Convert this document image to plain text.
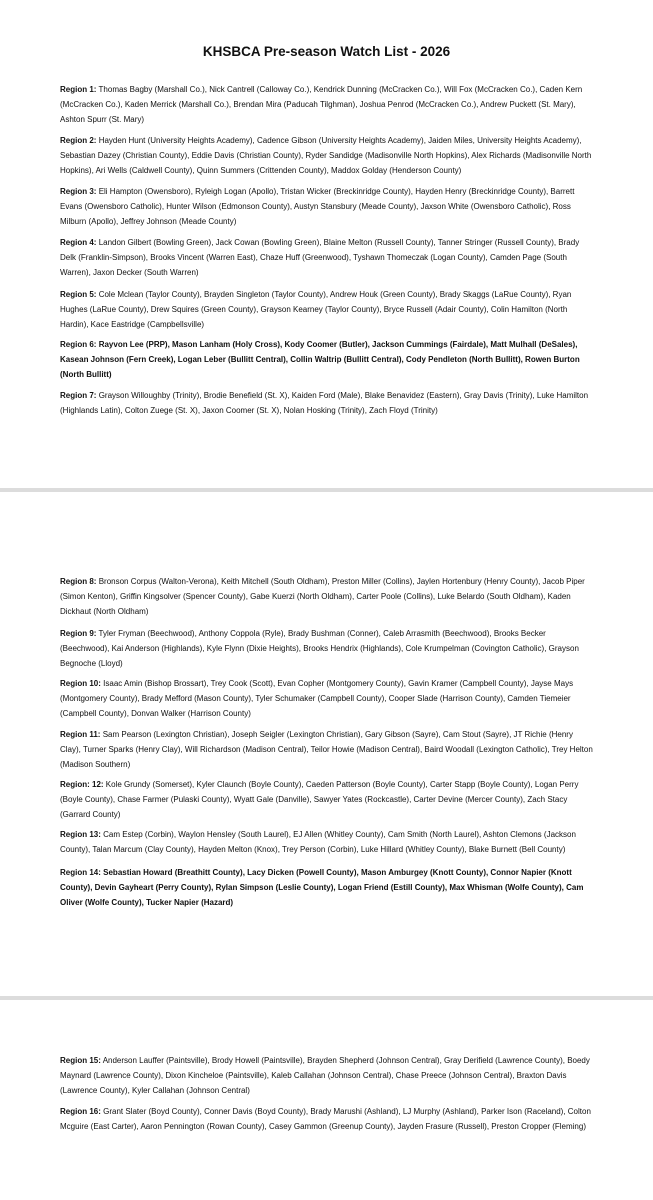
KHSBCA Pre-season Watch List - 2026

Region 1: Thomas Bagby (Marshall Co.), Nick Cantrell (Calloway Co.), Kendrick Dunning (McCracken Co.), Will Fox (McCracken Co.), Caden Kern (McCracken Co.), Kaden Merrick (Marshall Co.), Brendan Mira (Paducah Tilghman), Joshua Penrod (McCracken Co.), Andrew Puckett (St. Mary), Ashton Spurr (St. Mary)

Region 2: Hayden Hunt (University Heights Academy), Cadence Gibson (University Heights Academy), Jaiden Miles, University Heights Academy), Sebastian Dazey (Christian County), Eddie Davis (Christian County), Ryder Sandidge (Madisonville North Hopkins), Alex Richards (Madisonville North Hopkins), Ari Wells (Caldwell County), Quinn Summers (Crittenden County), Maddox Golday (Henderson County)

Region 3: Eli Hampton (Owensboro), Ryleigh Logan (Apollo), Tristan Wicker (Breckinridge County), Hayden Henry (Breckinridge County), Barrett Evans (Owensboro Catholic), Hunter Wilson (Edmonson County), Austyn Stansbury (Meade County), Jaxson White (Owensboro Catholic), Ross Milburn (Apollo), Jeffrey Johnson (Meade County)

Region 4: Landon Gilbert (Bowling Green), Jack Cowan (Bowling Green), Blaine Melton (Russell County), Tanner Stringer (Russell County), Brady Delk (Franklin-Simpson), Brooks Vincent (Warren East), Chaze Huff (Greenwood), Tyshawn Thomeczak (Logan County), Camden Page (South Warren), Jaxon Decker (South Warren)

Region 5: Cole Mclean (Taylor County), Brayden Singleton (Taylor County), Andrew Houk (Green County), Brady Skaggs (LaRue County), Ryan Hughes (LaRue County), Drew Squires (Green County), Grayson Kearney (Taylor County), Bryce Russell (Adair County), Colin Hamilton (North Hardin), Kace Eastridge (Campbellsville)

Region 6: Rayvon Lee (PRP), Mason Lanham (Holy Cross), Kody Coomer (Butler), Jackson Cummings (Fairdale), Matt Mulhall (DeSales), Kasean Johnson (Fern Creek), Logan Leber (Bullitt Central), Collin Waltrip (Bullitt Central), Cody Pendleton (North Bullitt), Rowen Burton (North Bullitt)

Region 7: Grayson Willoughby (Trinity), Brodie Benefield (St. X), Kaiden Ford (Male), Blake Benavidez (Eastern), Gray Davis (Trinity), Luke Hamilton (Highlands Latin), Colton Zuege (St. X), Jaxon Coomer (St. X), Nolan Hosking (Trinity), Zach Floyd (Trinity)

Region 8: Bronson Corpus (Walton-Verona), Keith Mitchell (South Oldham), Preston Miller (Collins), Jaylen Hortenbury (Henry County), Jacob Piper (Simon Kenton), Griffin Kingsolver (Spencer County), Gabe Kuerzi (North Oldham), Carter Poole (Collins), Luke Belardo (South Oldham), Kaden Dickhaut (North Oldham)

Region 9: Tyler Fryman (Beechwood), Anthony Coppola (Ryle), Brady Bushman (Conner), Caleb Arrasmith (Beechwood), Brooks Becker (Beechwood), Kai Anderson (Highlands), Kyle Flynn (Dixie Heights), Brooks Hendrix (Highlands), Cole Krumpelman (Covington Catholic), Grayson Begnoche (Lloyd)

Region 10: Isaac Amin (Bishop Brossart), Trey Cook (Scott), Evan Copher (Montgomery County), Gavin Kramer (Campbell County), Jayse Mays (Montgomery County), Brady Mefford (Mason County), Tyler Schumaker (Campbell County), Cooper Slade (Harrison County), Camden Tiemeier (Campbell County), Donvan Walker (Harrison County)

Region 11: Sam Pearson (Lexington Christian), Joseph Seigler (Lexington Christian), Gary Gibson (Sayre), Cam Stout (Sayre), JT Richie (Henry Clay), Turner Sparks (Henry Clay), Will Richardson (Madison Central), Teilor Howie (Madison Central), Baird Woodall (Lexington Catholic), Trey Helton (Madison Southern)

Region: 12: Kole Grundy (Somerset), Kyler Claunch (Boyle County), Caeden Patterson (Boyle County), Carter Stapp (Boyle County), Logan Perry (Boyle County), Chase Farmer (Pulaski County), Wyatt Gale (Danville), Sawyer Yates (Rockcastle), Carter Devine (Mercer County), Zach Stacy (Garrard County)

Region 13: Cam Estep (Corbin), Waylon Hensley (South Laurel), EJ Allen (Whitley County), Cam Smith (North Laurel), Ashton Clemons (Jackson County), Talan Marcum (Clay County), Hayden Melton (Knox), Trey Person (Corbin), Luke Hillard (Whitley County), Blake Burnett (Bell County)

Region 14: Sebastian Howard (Breathitt County), Lacy Dicken (Powell County), Mason Amburgey (Knott County), Connor Napier (Knott County), Devin Gayheart (Perry County), Rylan Simpson (Leslie County), Logan Friend (Estill County), Max Whisman (Wolfe County), Cam Oliver (Wolfe County), Tucker Napier (Hazard)

Region 15: Anderson Lauffer (Paintsville), Brody Howell (Paintsville), Brayden Shepherd (Johnson Central), Gray Derifield (Lawrence County), Boedy Maynard (Lawrence County), Dixon Kincheloe (Paintsville), Kaleb Callahan (Johnson Central), Chase Preece (Johnson Central), Braxton Davis (Lawrence County), Kyler Callahan (Johnson Central)

Region 16: Grant Slater (Boyd County), Conner Davis (Boyd County), Brady Marushi (Ashland), LJ Murphy (Ashland), Parker Ison (Raceland), Colton Mcguire (East Carter), Aaron Pennington (Rowan County), Casey Gammon (Greenup County), Jayden Frasure (Russell), Preston Cropper (Fleming)
